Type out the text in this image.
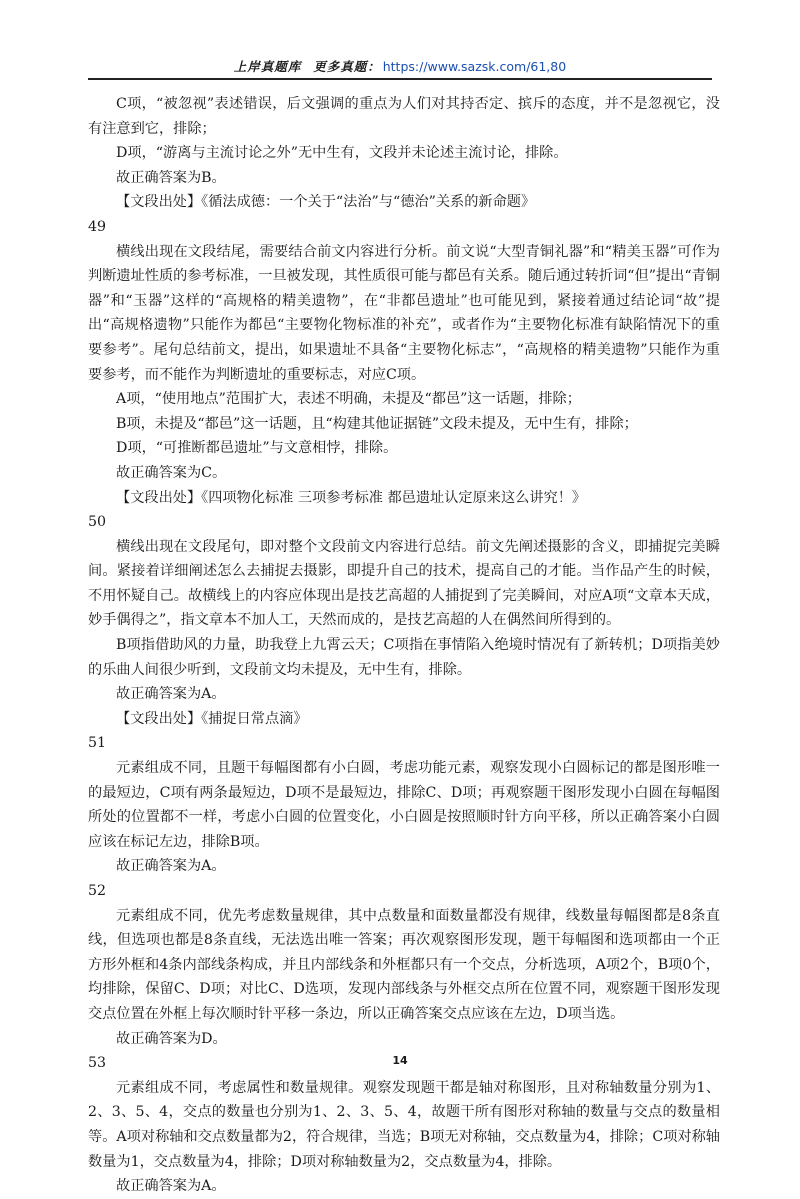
上岸真题库 更多真题： https://www.sazsk.com/61,80

C项，“被忽视”表述错误，后文强调的重点为人们对其持否定、摈斥的态度，并不是忽视它，没有注意到它，排除；

D项，“游离与主流讨论之外”无中生有，文段并未论述主流讨论，排除。

故正确答案为B。

【文段出处】《循法成德：一个关于“法治”与“德治”关系的新命题》

49

横线出现在文段结尾，需要结合前文内容进行分析。前文说“大型青铜礼器”和“精美玉器”可作为判断遗址性质的参考标准，一旦被发现，其性质很可能与都邑有关系。随后通过转折词“但”提出“青铜器”和“玉器”这样的“高规格的精美遗物”，在“非都邑遗址”也可能见到，紧接着通过结论词“故”提出“高规格遗物”只能作为都邑“主要物化物标准的补充”，或者作为“主要物化标准有缺陷情况下的重要参考”。尾句总结前文，提出，如果遗址不具备“主要物化标志”，“高规格的精美遗物”只能作为重要参考，而不能作为判断遗址的重要标志，对应C项。

A项，“使用地点”范围扩大，表述不明确，未提及“都邑”这一话题，排除；

B项，未提及“都邑”这一话题，且“构建其他证据链”文段未提及，无中生有，排除；

D项，“可推断都邑遗址”与文意相悖，排除。

故正确答案为C。

【文段出处】《四项物化标准 三项参考标准 都邑遗址认定原来这么讲究！》

50

横线出现在文段尾句，即对整个文段前文内容进行总结。前文先阐述摄影的含义，即捕捉完美瞬间。紧接着详细阐述怎么去捕捉去摄影，即提升自己的技术，提高自己的才能。当作品产生的时候，不用怀疑自己。故横线上的内容应体现出是技艺高超的人捕捉到了完美瞬间，对应A项“文章本天成，妙手偶得之”，指文章本不加人工，天然而成的，是技艺高超的人在偶然间所得到的。

B项指借助风的力量，助我登上九霄云天；C项指在事情陷入绝境时情况有了新转机；D项指美妙的乐曲人间很少听到，文段前文均未提及，无中生有，排除。

故正确答案为A。

【文段出处】《捕捉日常点滴》

51

元素组成不同，且题干每幅图都有小白圆，考虑功能元素，观察发现小白圆标记的都是图形唯一的最短边，C项有两条最短边，D项不是最短边，排除C、D项；再观察题干图形发现小白圆在每幅图所处的位置都不一样，考虑小白圆的位置变化，小白圆是按照顺时针方向平移，所以正确答案小白圆应该在标记左边，排除B项。

故正确答案为A。

52

元素组成不同，优先考虑数量规律，其中点数量和面数量都没有规律，线数量每幅图都是8条直线，但选项也都是8条直线，无法选出唯一答案；再次观察图形发现，题干每幅图和选项都由一个正方形外框和4条内部线条构成，并且内部线条和外框都只有一个交点，分析选项，A项2个，B项0个，均排除，保留C、D项；对比C、D选项，发现内部线条与外框交点所在位置不同，观察题干图形发现交点位置在外框上每次顺时针平移一条边，所以正确答案交点应该在左边，D项当选。

故正确答案为D。

53

元素组成不同，考虑属性和数量规律。观察发现题干都是轴对称图形，且对称轴数量分别为1、2、3、5、4，交点的数量也分别为1、2、3、5、4，故题干所有图形对称轴的数量与交点的数量相等。A项对称轴和交点数量都为2，符合规律，当选；B项无对称轴，交点数量为4，排除；C项对称轴数量为1，交点数量为4，排除；D项对称轴数量为2，交点数量为4，排除。

故正确答案为A。

14
